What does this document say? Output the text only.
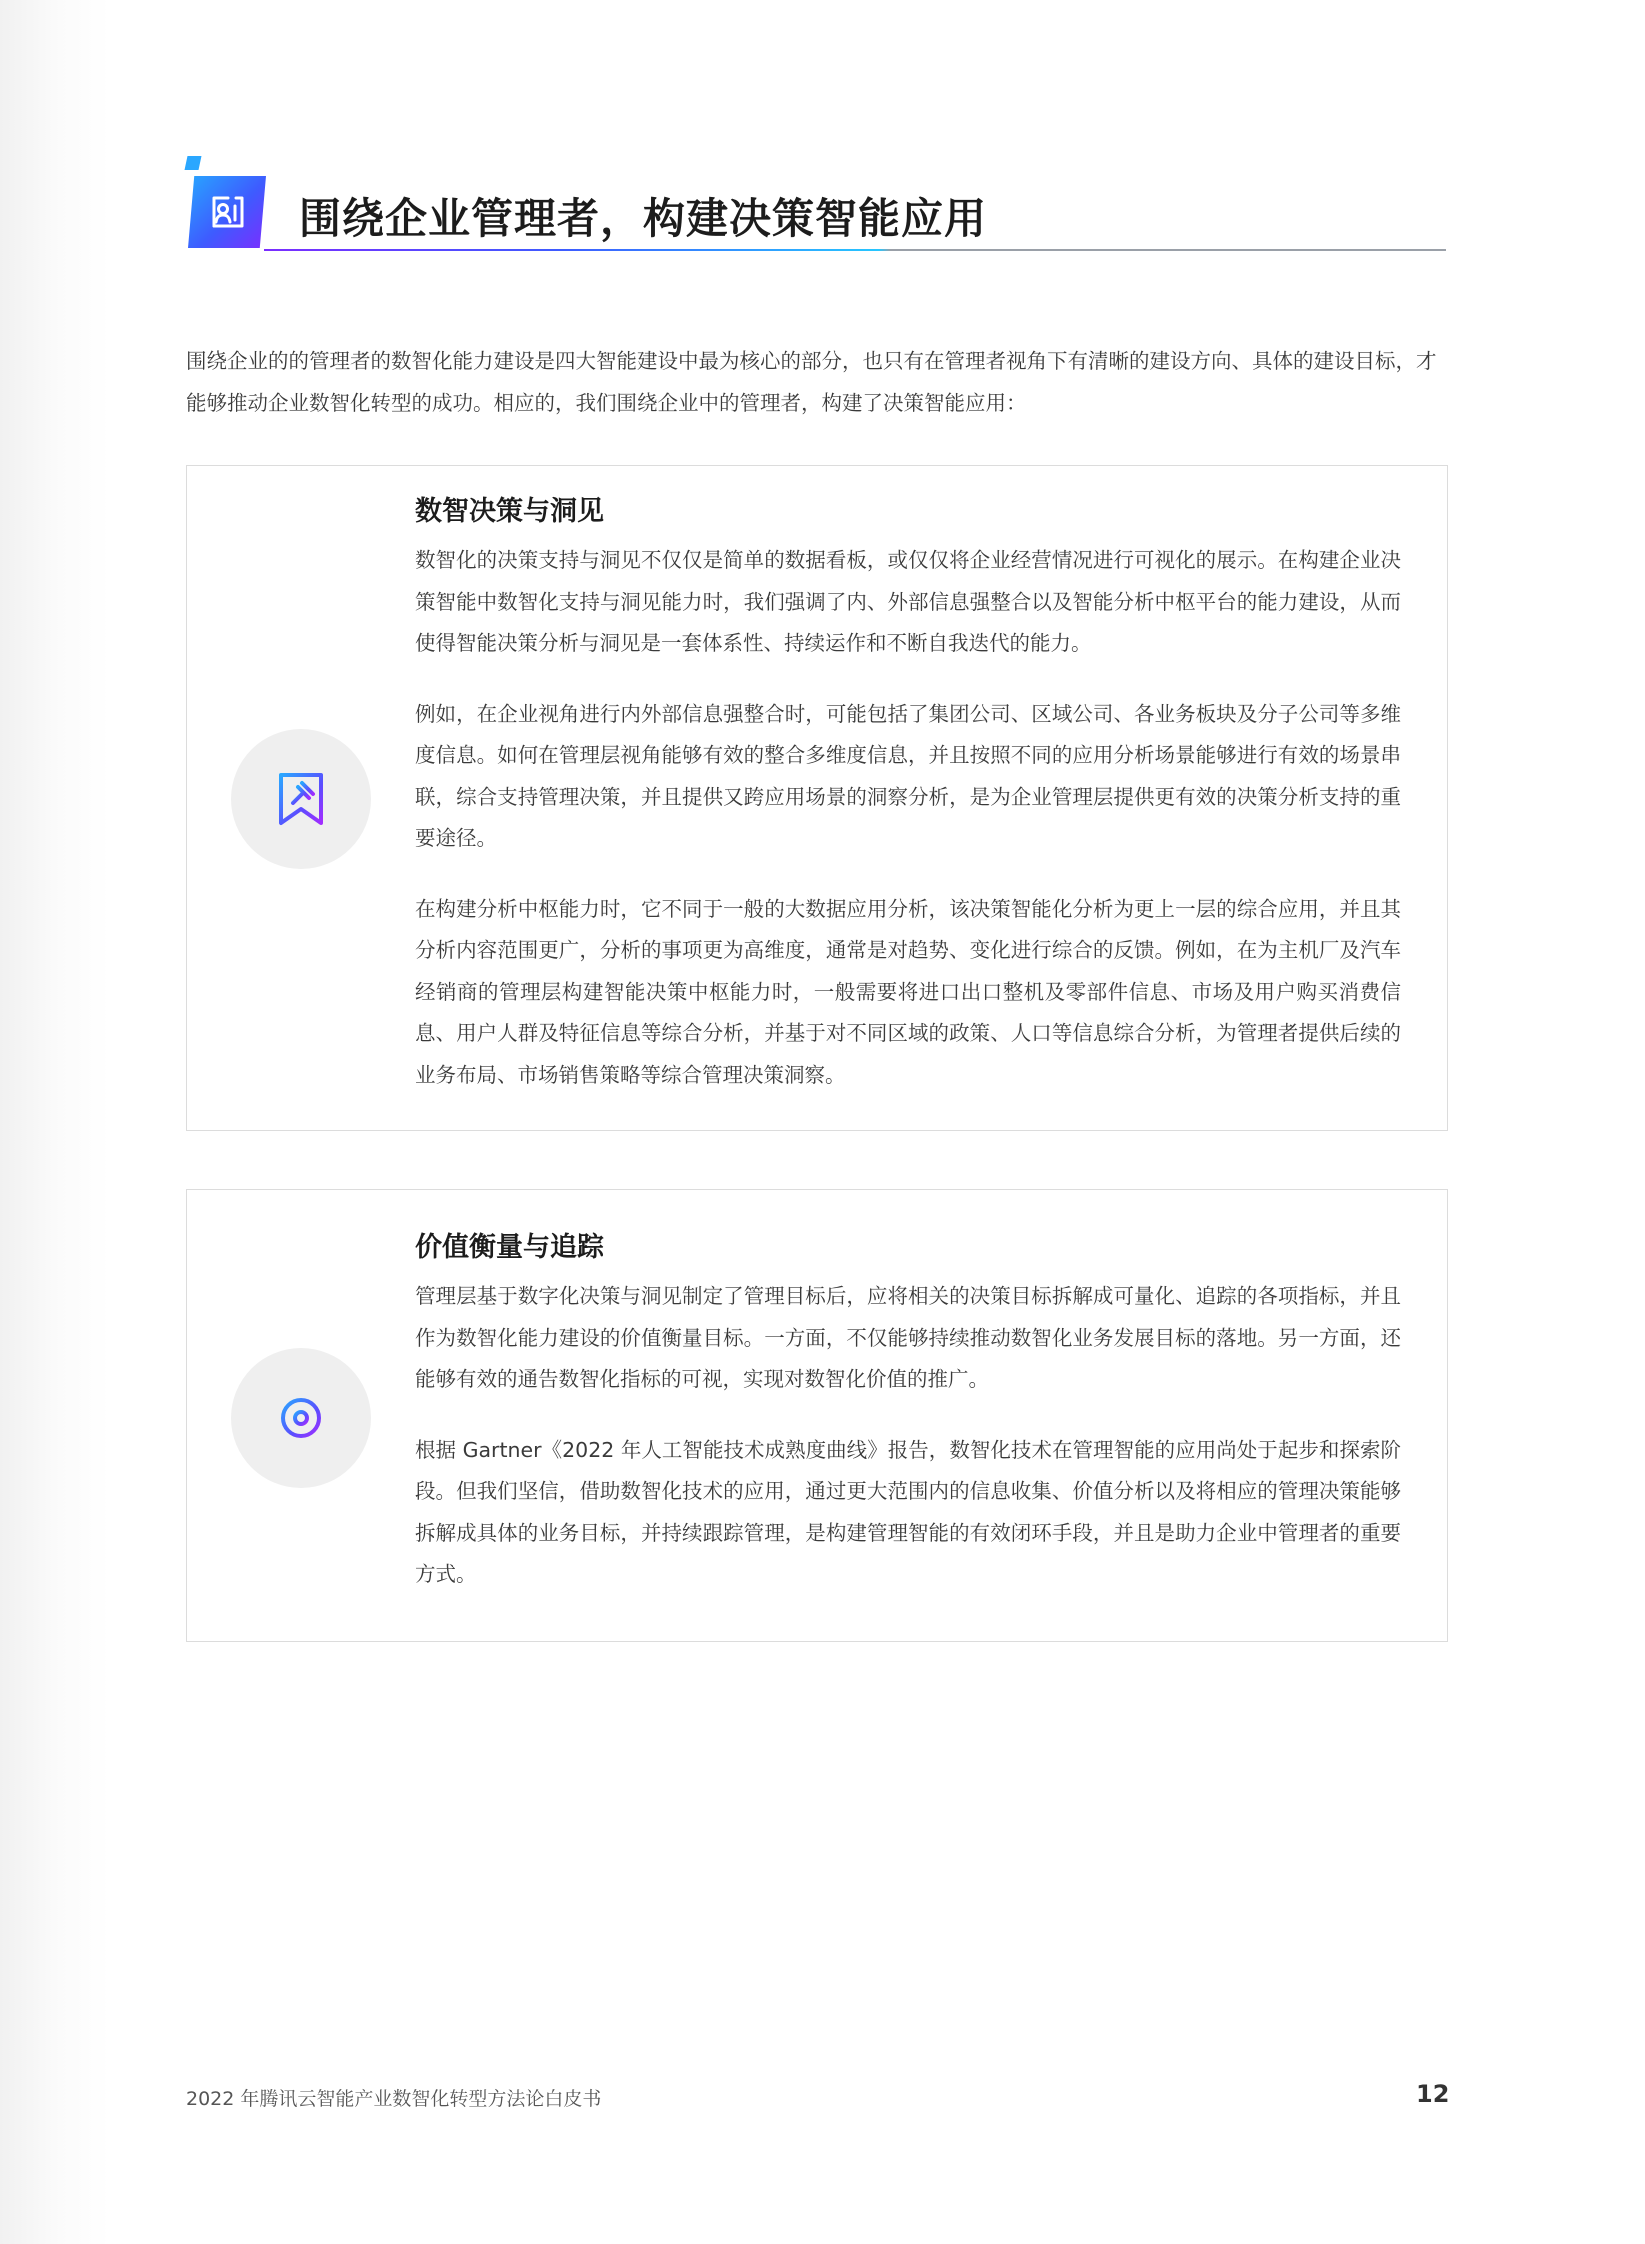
围绕企业管理者，构建决策智能应用

围绕企业的的管理者的数智化能力建设是四大智能建设中最为核心的部分，也只有在管理者视角下有清晰的建设方向、具体的建设目标，才能够推动企业数智化转型的成功。相应的，我们围绕企业中的管理者，构建了决策智能应用：

数智决策与洞见

数智化的决策支持与洞见不仅仅是简单的数据看板，或仅仅将企业经营情况进行可视化的展示。在构建企业决策智能中数智化支持与洞见能力时，我们强调了内、外部信息强整合以及智能分析中枢平台的能力建设，从而使得智能决策分析与洞见是一套体系性、持续运作和不断自我迭代的能力。

例如，在企业视角进行内外部信息强整合时，可能包括了集团公司、区域公司、各业务板块及分子公司等多维度信息。如何在管理层视角能够有效的整合多维度信息，并且按照不同的应用分析场景能够进行有效的场景串联，综合支持管理决策，并且提供又跨应用场景的洞察分析，是为企业管理层提供更有效的决策分析支持的重要途径。

在构建分析中枢能力时，它不同于一般的大数据应用分析，该决策智能化分析为更上一层的综合应用，并且其分析内容范围更广，分析的事项更为高维度，通常是对趋势、变化进行综合的反馈。例如，在为主机厂及汽车经销商的管理层构建智能决策中枢能力时，一般需要将进口出口整机及零部件信息、市场及用户购买消费信息、用户人群及特征信息等综合分析，并基于对不同区域的政策、人口等信息综合分析，为管理者提供后续的业务布局、市场销售策略等综合管理决策洞察。

价值衡量与追踪

管理层基于数字化决策与洞见制定了管理目标后，应将相关的决策目标拆解成可量化、追踪的各项指标，并且作为数智化能力建设的价值衡量目标。一方面，不仅能够持续推动数智化业务发展目标的落地。另一方面，还能够有效的通告数智化指标的可视，实现对数智化价值的推广。

根据 Gartner《2022 年人工智能技术成熟度曲线》报告，数智化技术在管理智能的应用尚处于起步和探索阶段。但我们坚信，借助数智化技术的应用，通过更大范围内的信息收集、价值分析以及将相应的管理决策能够拆解成具体的业务目标，并持续跟踪管理，是构建管理智能的有效闭环手段，并且是助力企业中管理者的重要方式。

2022 年腾讯云智能产业数智化转型方法论白皮书	12
